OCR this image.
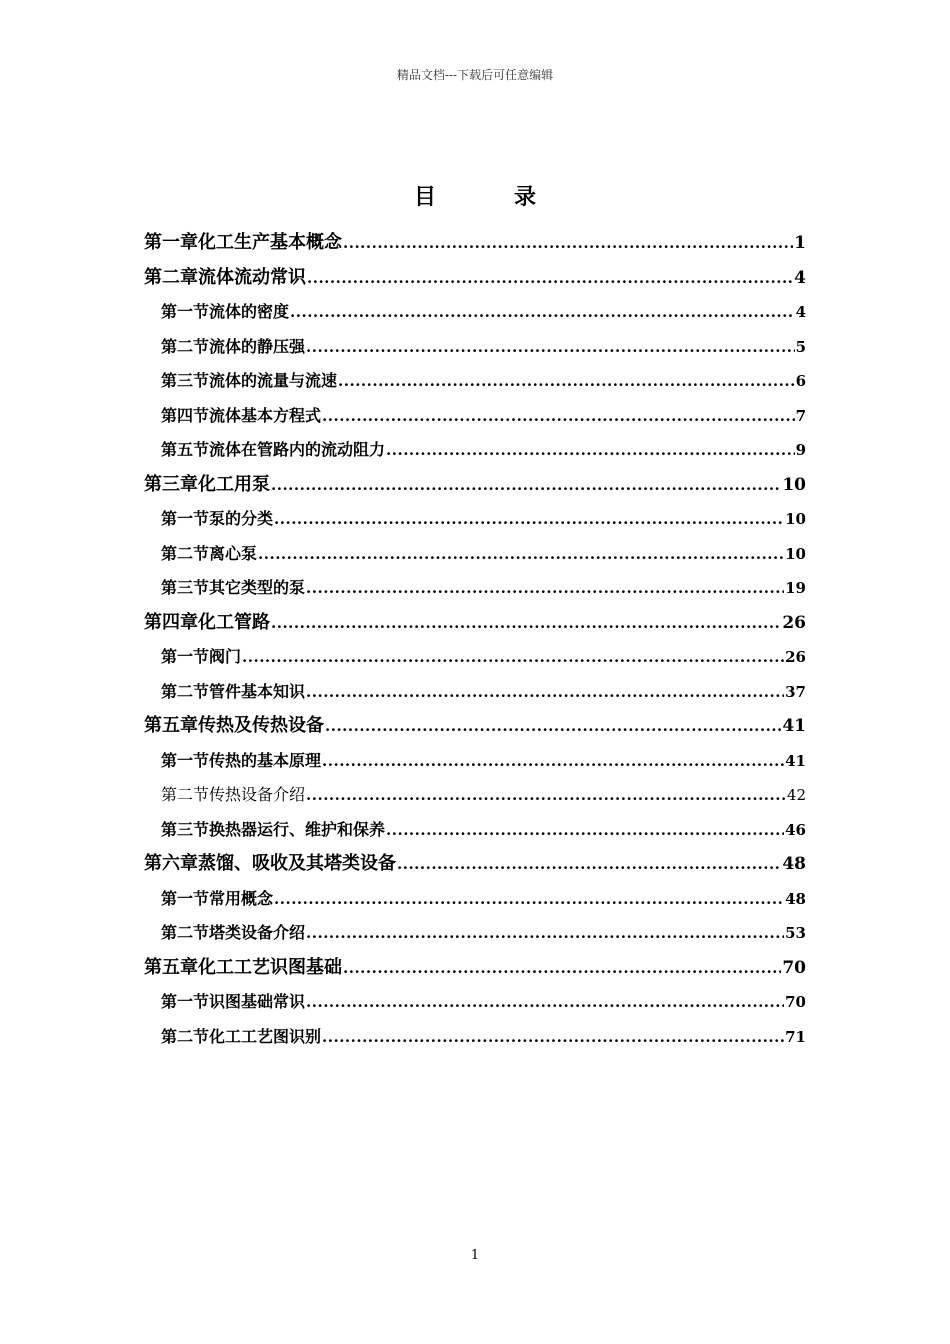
精品文档---下载后可任意编辑
目	录
第一章 化工生产基本概念 .....	1
第二章 流体流动常识 .....	4
第一节 流体的密度 .....	4
第二节 流体的静压强 .....	5
第三节 流体的流量与流速 .....	6
第四节 流体基本方程式 .....	7
第五节 流体在管路内的流动阻力 .....	9
第三章 化工用泵 .....	10
第一节 泵的分类 .....	10
第二节 离心泵 .....	10
第三节 其它类型的泵 .....	19
第四章 化工管路 .....	26
第一节 阀门 .....	26
第二节 管件基本知识 .....	37
第五章 传热及传热设备 .....	41
第一节 传热的基本原理 .....	41
第二节 传热设备介绍 .....	42
第三节 换热器运行、维护和保养 .....	46
第六章 蒸馏、吸收及其塔类设备 .....	48
第一节 常用概念 .....	48
第二节 塔类设备介绍 .....	53
第五章 化工工艺识图基础 .....	70
第一节 识图基础常识 .....	70
第二节 化工工艺图识别 .....	71
1
